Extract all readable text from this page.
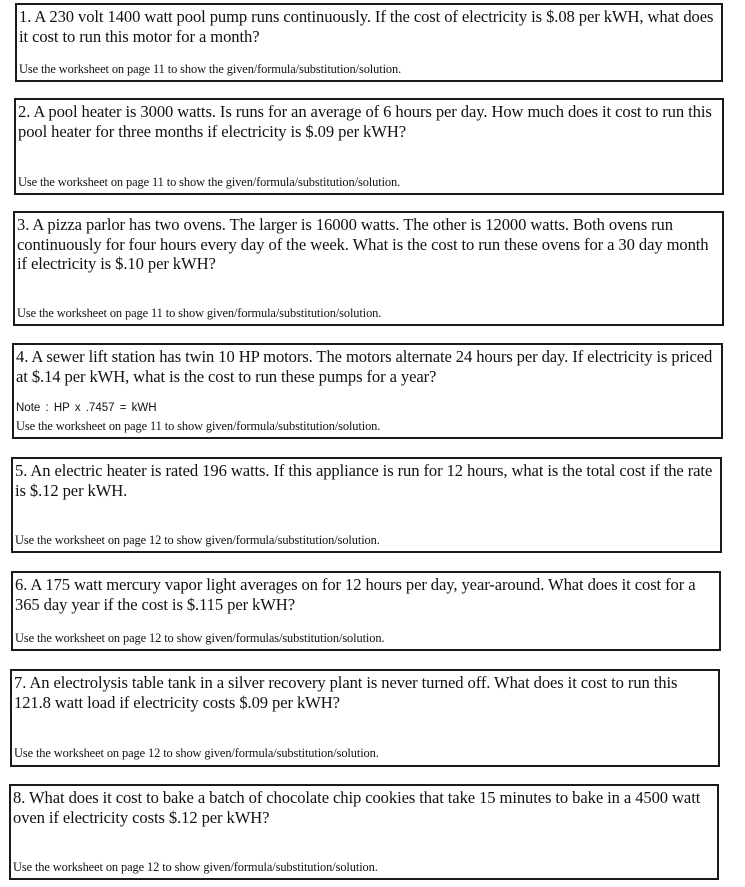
1. A 230 volt 1400 watt pool pump runs continuously. If the cost of electricity is $.08 per kWH, what does it cost to run this motor for a month?
Use the worksheet on page 11 to show the given/formula/substitution/solution.
2. A pool heater is 3000 watts. Is runs for an average of 6 hours per day. How much does it cost to run this pool heater for three months if electricity is $.09 per kWH?
Use the worksheet on page 11 to show the given/formula/substitution/solution.
3. A pizza parlor has two ovens. The larger is 16000 watts. The other is 12000 watts. Both ovens run continuously for four hours every day of the week. What is the cost to run these ovens for a 30 day month if electricity is $.10 per kWH?
Use the worksheet on page 11 to show given/formula/substitution/solution.
4. A sewer lift station has twin 10 HP motors. The motors alternate 24 hours per day. If electricity is priced at $.14 per kWH, what is the cost to run these pumps for a year?
Note : HP x .7457 = kWH
Use the worksheet on page 11 to show given/formula/substitution/solution.
5. An electric heater is rated 196 watts. If this appliance is run for 12 hours, what is the total cost if the rate is $.12 per kWH.
Use the worksheet on page 12 to show given/formula/substitution/solution.
6. A 175 watt mercury vapor light averages on for 12 hours per day, year-around. What does it cost for a 365 day year if the cost is $.115 per kWH?
Use the worksheet on page 12 to show given/formulas/substitution/solution.
7. An electrolysis table tank in a silver recovery plant is never turned off. What does it cost to run this 121.8 watt load if electricity costs $.09 per kWH?
Use the worksheet on page 12 to show given/formula/substitution/solution.
8. What does it cost to bake a batch of chocolate chip cookies that take 15 minutes to bake in a 4500 watt oven if electricity costs $.12 per kWH?
Use the worksheet on page 12 to show given/formula/substitution/solution.
